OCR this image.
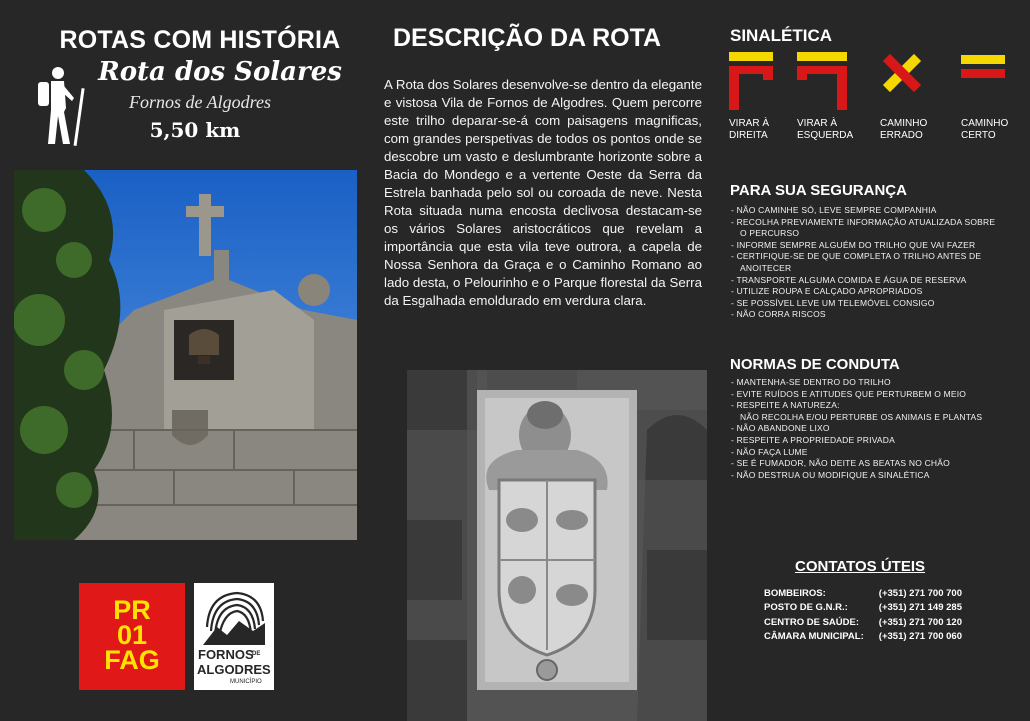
ROTAS COM HISTÓRIA
Rota dos Solares
Fornos de Algodres
5,50 km
PR
01
FAG	FORNOS
DE
ALGODRES
MUNICÍPIO
DESCRIÇÃO DA ROTA
A Rota dos Solares desenvolve-se dentro da elegante e vistosa Vila de Fornos de Algodres. Quem percorre este trilho deparar-se-á com paisagens magnificas, com grandes perspetivas de todos os pontos onde se descobre um vasto e deslumbrante horizonte sobre a Bacia do Mondego e a vertente Oeste da Serra da Estrela banhada pelo sol ou coroada de neve. Nesta Rota situada numa encosta declivosa destacam-se os vários Solares aristocráticos que revelam a importância que esta vila teve outrora, a capela de Nossa Senhora da Graça e o Caminho Romano ao lado desta, o Pelourinho e o Parque florestal da Serra da Esgalhada emoldurado em verdura clara.
SINALÉTICA
VIRAR À
DIREITA
VIRAR À
ESQUERDA
CAMINHO
ERRADO
CAMINHO
CERTO
PARA SUA SEGURANÇA
- NÃO CAMINHE SÓ, LEVE SEMPRE COMPANHIA
- RECOLHA PREVIAMENTE INFORMAÇÃO ATUALIZADA SOBRE
O PERCURSO
- INFORME SEMPRE ALGUÉM DO TRILHO QUE VAI FAZER
- CERTIFIQUE-SE DE QUE COMPLETA O TRILHO ANTES DE
ANOITECER
- TRANSPORTE ALGUMA COMIDA E ÁGUA DE RESERVA
- UTILIZE ROUPA E CALÇADO APROPRIADOS
- SE POSSÍVEL LEVE UM TELEMÓVEL CONSIGO
- NÃO CORRA RISCOS
NORMAS DE CONDUTA
- MANTENHA-SE DENTRO DO TRILHO
- EVITE RUÍDOS E ATITUDES QUE PERTURBEM O MEIO
- RESPEITE A NATUREZA:
NÃO RECOLHA E/OU PERTURBE OS ANIMAIS E PLANTAS
- NÃO ABANDONE LIXO
- RESPEITE A PROPRIEDADE PRIVADA
- NÃO FAÇA LUME
- SE É FUMADOR, NÃO DEITE AS BEATAS NO CHÃO
- NÃO DESTRUA OU MODIFIQUE A SINALÉTICA
CONTATOS ÚTEIS
BOMBEIROS:	(+351) 271 700 700
POSTO DE G.N.R.:	(+351) 271 149 285
CENTRO DE SAÚDE: (+351) 271 700 120
CÂMARA MUNICIPAL: (+351) 271 700 060
